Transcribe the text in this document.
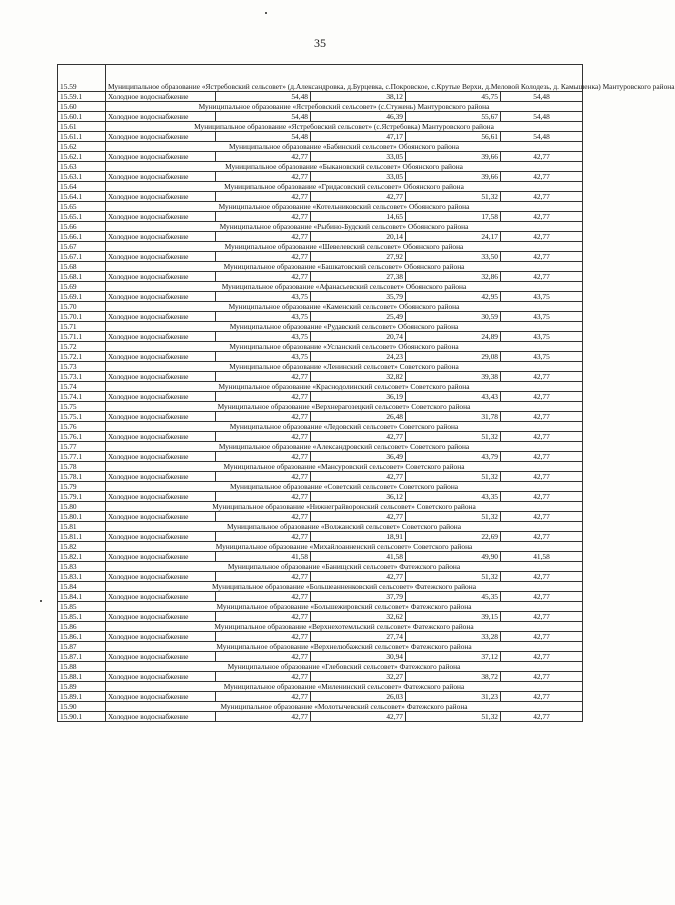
35
15.59	Муниципальное образование «Ястребовский сельсовет» (д.Александровка, д.Бурцевка, с.Покровское, с.Крутые Верхи, д.Меловой Колодезь, д. Камышенка) Мантуровского района				
15.59.1	Холодное водоснабжение	54,48	38,12	45,75	54,48
15.60	Муниципальное образование «Ястребовский сельсовет» (с.Стужень) Мантуровского района				
15.60.1	Холодное водоснабжение	54,48	46,39	55,67	54,48
15.61	Муниципальное образование «Ястребовский сельсовет» (с.Ястребовка) Мантуровского района				
15.61.1	Холодное водоснабжение	54,48	47,17	56,61	54,48
15.62	Муниципальное образование «Бабинский сельсовет» Обоянского района				
15.62.1	Холодное водоснабжение	42,77	33,05	39,66	42,77
15.63	Муниципальное образование «Быкановский сельсовет» Обоянского района				
15.63.1	Холодное водоснабжение	42,77	33,05	39,66	42,77
15.64	Муниципальное образование «Гридасовский сельсовет» Обоянского района				
15.64.1	Холодное водоснабжение	42,77	42,77	51,32	42,77
15.65	Муниципальное образование «Котельниковский сельсовет» Обоянского района				
15.65.1	Холодное водоснабжение	42,77	14,65	17,58	42,77
15.66	Муниципальное образование «Рыбино-Будский сельсовет» Обоянского района				
15.66.1	Холодное водоснабжение	42,77	20,14	24,17	42,77
15.67	Муниципальное образование «Шевелевский сельсовет» Обоянского района				
15.67.1	Холодное водоснабжение	42,77	27,92	33,50	42,77
15.68	Муниципальное образование «Башкатовский сельсовет» Обоянского района				
15.68.1	Холодное водоснабжение	42,77	27,38	32,86	42,77
15.69	Муниципальное образование «Афанасьевский сельсовет» Обоянского района				
15.69.1	Холодное водоснабжение	43,75	35,79	42,95	43,75
15.70	Муниципальное образование «Каменский сельсовет» Обоянского района				
15.70.1	Холодное водоснабжение	43,75	25,49	30,59	43,75
15.71	Муниципальное образование «Рудавский сельсовет» Обоянского района				
15.71.1	Холодное водоснабжение	43,75	20,74	24,89	43,75
15.72	Муниципальное образование «Усланский сельсовет» Обоянского района				
15.72.1	Холодное водоснабжение	43,75	24,23	29,08	43,75
15.73	Муниципальное образование «Ленинский сельсовет» Советского района				
15.73.1	Холодное водоснабжение	42,77	32,82	39,38	42,77
15.74	Муниципальное образование «Краснодолинский сельсовет» Советского района				
15.74.1	Холодное водоснабжение	42,77	36,19	43,43	42,77
15.75	Муниципальное образование «Верхнерагозецкий сельсовет» Советского района				
15.75.1	Холодное водоснабжение	42,77	26,48	31,78	42,77
15.76	Муниципальное образование «Ледовский сельсовет» Советского района				
15.76.1	Холодное водоснабжение	42,77	42,77	51,32	42,77
15.77	Муниципальное образование «Александровский сельсовет» Советского района				
15.77.1	Холодное водоснабжение	42,77	36,49	43,79	42,77
15.78	Муниципальное образование «Мансуровский сельсовет» Советского района				
15.78.1	Холодное водоснабжение	42,77	42,77	51,32	42,77
15.79	Муниципальное образование «Советский сельсовет» Советского района				
15.79.1	Холодное водоснабжение	42,77	36,12	43,35	42,77
15.80	Муниципальное образование «Нижнеграйворонский сельсовет» Советского района				
15.80.1	Холодное водоснабжение	42,77	42,77	51,32	42,77
15.81	Муниципальное образование «Волжанский сельсовет» Советского района				
15.81.1	Холодное водоснабжение	42,77	18,91	22,69	42,77
15.82	Муниципальное образование «Михайлоанненский сельсовет» Советского района				
15.82.1	Холодное водоснабжение	41,58	41,58	49,90	41,58
15.83	Муниципальное образование «Банищский сельсовет» Фатежского района				
15.83.1	Холодное водоснабжение	42,77	42,77	51,32	42,77
15.84	Муниципальное образование «Большеанненковский сельсовет» Фатежского района				
15.84.1	Холодное водоснабжение	42,77	37,79	45,35	42,77
15.85	Муниципальное образование «Большежировский сельсовет» Фатежского района				
15.85.1	Холодное водоснабжение	42,77	32,62	39,15	42,77
15.86	Муниципальное образование «Верхнехотемльский сельсовет» Фатежского района				
15.86.1	Холодное водоснабжение	42,77	27,74	33,28	42,77
15.87	Муниципальное образование «Верхнелюбажский сельсовет» Фатежского района				
15.87.1	Холодное водоснабжение	42,77	30,94	37,12	42,77
15.88	Муниципальное образование «Глебовский сельсовет» Фатежского района				
15.88.1	Холодное водоснабжение	42,77	32,27	38,72	42,77
15.89	Муниципальное образование «Миленинский сельсовет» Фатежского района				
15.89.1	Холодное водоснабжение	42,77	26,03	31,23	42,77
15.90	Муниципальное образование «Молотычевский сельсовет» Фатежского района				
15.90.1	Холодное водоснабжение	42,77	42,77	51,32	42,77
